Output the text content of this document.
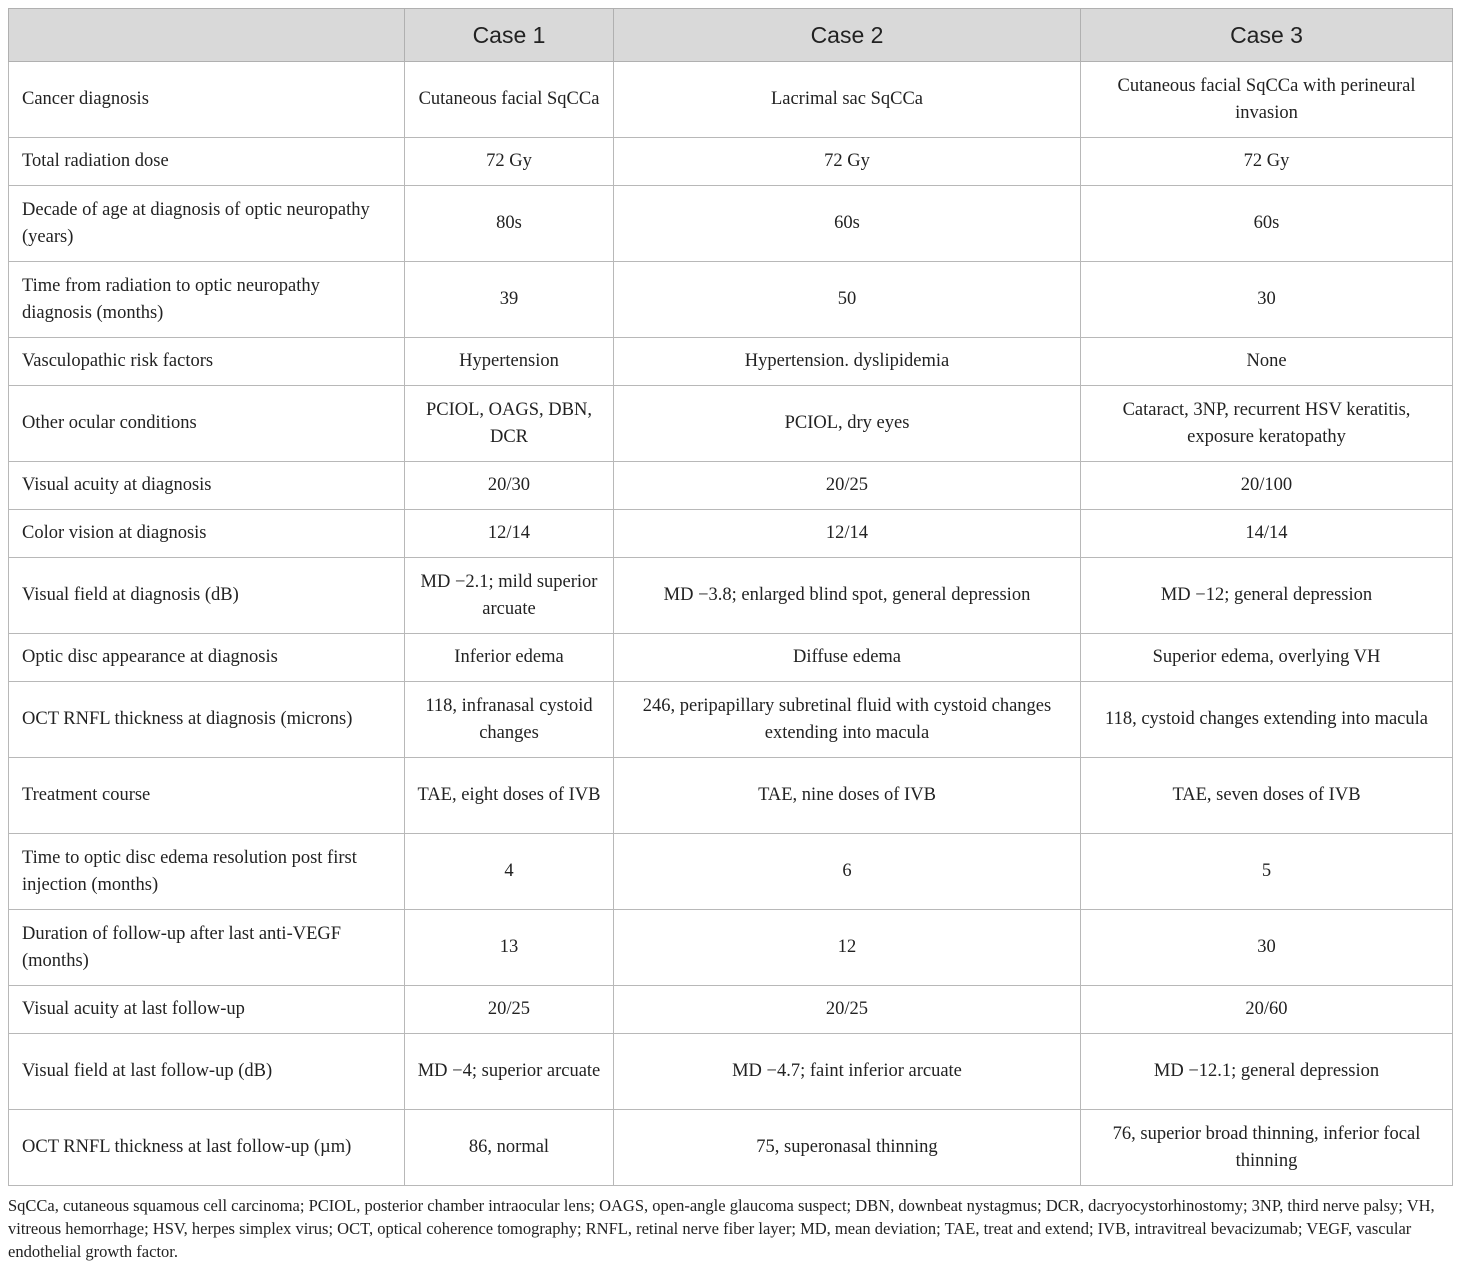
	Case 1	Case 2	Case 3
Cancer diagnosis	Cutaneous facial SqCCa	Lacrimal sac SqCCa	Cutaneous facial SqCCa with perineural invasion
Total radiation dose	72 Gy	72 Gy	72 Gy
Decade of age at diagnosis of optic neuropathy (years)	80s	60s	60s
Time from radiation to optic neuropathy diagnosis (months)	39	50	30
Vasculopathic risk factors	Hypertension	Hypertension. dyslipidemia	None
Other ocular conditions	PCIOL, OAGS, DBN, DCR	PCIOL, dry eyes	Cataract, 3NP, recurrent HSV keratitis, exposure keratopathy
Visual acuity at diagnosis	20/30	20/25	20/100
Color vision at diagnosis	12/14	12/14	14/14
Visual field at diagnosis (dB)	MD −2.1; mild superior arcuate	MD −3.8; enlarged blind spot, general depression	MD −12; general depression
Optic disc appearance at diagnosis	Inferior edema	Diffuse edema	Superior edema, overlying VH
OCT RNFL thickness at diagnosis (microns)	118, infranasal cystoid changes	246, peripapillary subretinal fluid with cystoid changes extending into macula	118, cystoid changes extending into macula
Treatment course	TAE, eight doses of IVB	TAE, nine doses of IVB	TAE, seven doses of IVB
Time to optic disc edema resolution post first injection (months)	4	6	5
Duration of follow-up after last anti-VEGF (months)	13	12	30
Visual acuity at last follow-up	20/25	20/25	20/60
Visual field at last follow-up (dB)	MD −4; superior arcuate	MD −4.7; faint inferior arcuate	MD −12.1; general depression
OCT RNFL thickness at last follow-up (µm)	86, normal	75, superonasal thinning	76, superior broad thinning, inferior focal thinning
SqCCa, cutaneous squamous cell carcinoma; PCIOL, posterior chamber intraocular lens; OAGS, open-angle glaucoma suspect; DBN, downbeat nystagmus; DCR, dacryocystorhinostomy; 3NP, third nerve palsy; VH, vitreous hemorrhage; HSV, herpes simplex virus; OCT, optical coherence tomography; RNFL, retinal nerve fiber layer; MD, mean deviation; TAE, treat and extend; IVB, intravitreal bevacizumab; VEGF, vascular endothelial growth factor.
